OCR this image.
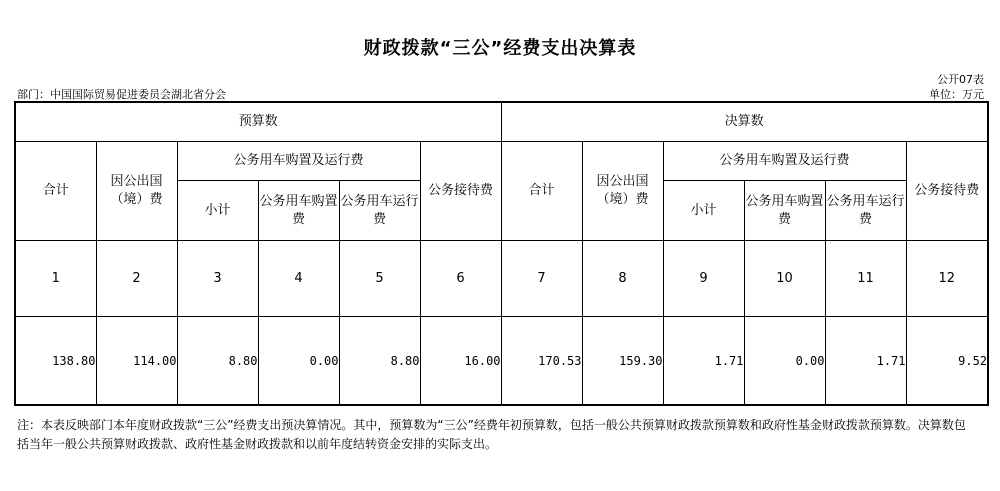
财政拨款“三公”经费支出决算表
公开07表
部门：中国国际贸易促进委员会湖北省分会	单位：万元
预算数						决算数					
合计	因公出国（境）费	公务用车购置及运行费			公务接待费	合计	因公出国（境）费	公务用车购置及运行费			公务接待费
		小计	公务用车购置费	公务用车运行费				小计	公务用车购置费	公务用车运行费	
1	2	3	4	5	6	7	8	9	10	11	12
138.80	114.00	8.80	0.00	8.80	16.00	170.53	159.30	1.71	0.00	1.71	9.52
注：本表反映部门本年度财政拨款“三公”经费支出预决算情况。其中，预算数为“三公”经费年初预算数，包括一般公共预算财政拨款预算数和政府性基金财政拨款预算数。决算数包括当年一般公共预算财政拨款、政府性基金财政拨款和以前年度结转资金安排的实际支出。
